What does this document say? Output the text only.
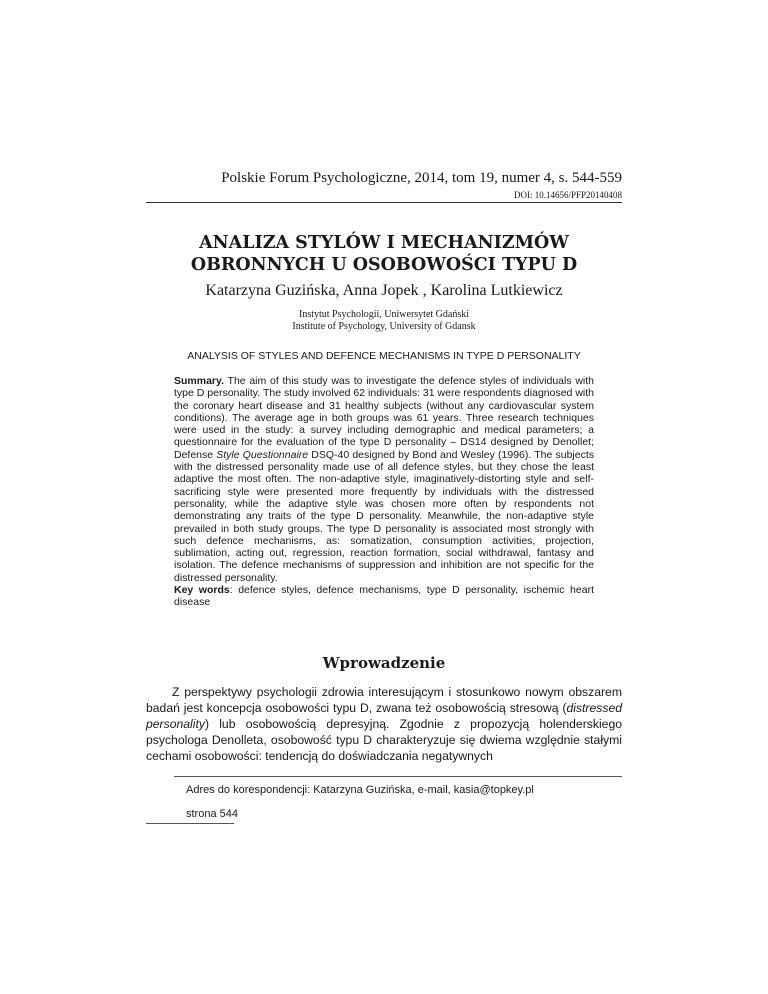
Polskie Forum Psychologiczne, 2014, tom 19, numer 4, s. 544-559
DOI: 10.14656/PFP20140408
ANALIZA STYLÓW I MECHANIZMÓW
OBRONNYCH U OSOBOWOŚCI TYPU D
Katarzyna Guzińska, Anna Jopek , Karolina Lutkiewicz
Instytut Psychologii, Uniwersytet Gdański
Institute of Psychology, University of Gdansk
ANALYSIS OF STYLES AND DEFENCE MECHANISMS IN TYPE D PERSONALITY

Summary. The aim of this study was to investigate the defence styles of individuals with type D personality. The study involved 62 individuals: 31 were respondents diagnosed with the coronary heart disease and 31 healthy subjects (without any cardiovascular system conditions). The average age in both groups was 61 years. Three research techniques were used in the study: a survey including demographic and medical parameters; a questionnaire for the evaluation of the type D personality – DS14 designed by Denollet; Defense Style Questionnaire DSQ-40 designed by Bond and Wesley (1996). The subjects with the distressed personality made use of all defence styles, but they chose the least adaptive the most often. The non-adaptive style, imaginatively-distorting style and self-sacrificing style were presented more frequently by individuals with the distressed personality, while the adaptive style was chosen more often by respondents not demonstrating any traits of the type D personality. Meanwhile, the non-adaptive style prevailed in both study groups. The type D personality is associated most strongly with such defence mechanisms, as: somatization, consumption activities, projection, sublimation, acting out, regression, reaction formation, social withdrawal, fantasy and isolation. The defence mechanisms of suppression and inhibition are not specific for the distressed personality.

Key words: defence styles, defence mechanisms, type D personality, ischemic heart disease

Wprowadzenie

Z perspektywy psychologii zdrowia interesującym i stosunkowo nowym obszarem badań jest koncepcja osobowości typu D, zwana też osobowością stresową (distressed personality) lub osobowością depresyjną. Zgodnie z propozycją holenderskiego psychologa Denolleta, osobowość typu D charakteryzuje się dwiema względnie stałymi cechami osobowości: tendencją do doświadczania negatywnych

Adres do korespondencji: Katarzyna Guzińska, e-mail, kasia@topkey.pl
strona 544
